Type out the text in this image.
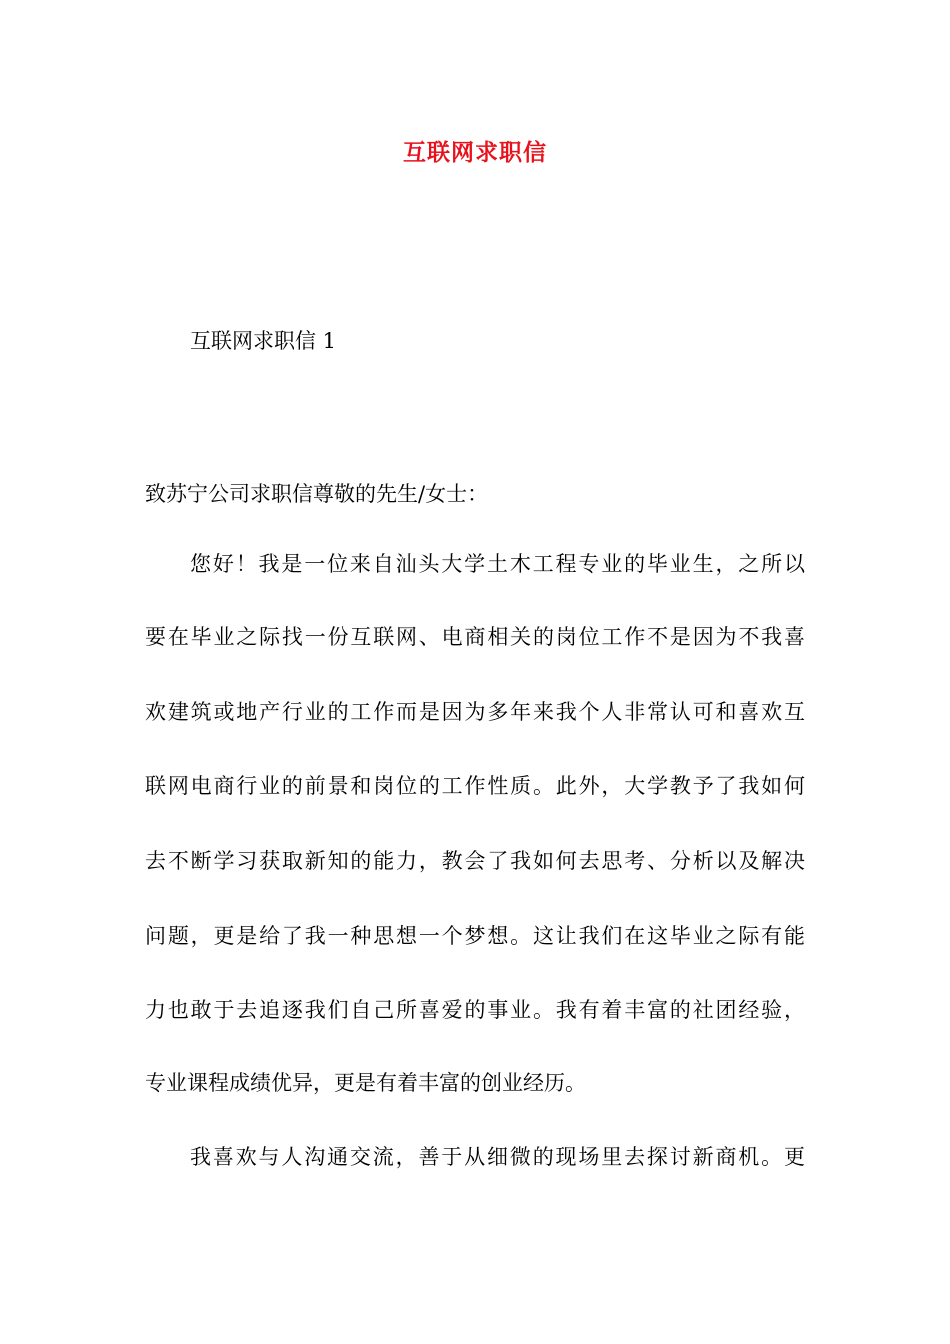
互联网求职信
互联网求职信 1
致苏宁公司求职信尊敬的先生/女士：
您好！我是一位来自汕头大学土木工程专业的毕业生，之所以
要在毕业之际找一份互联网、电商相关的岗位工作不是因为不我喜
欢建筑或地产行业的工作而是因为多年来我个人非常认可和喜欢互
联网电商行业的前景和岗位的工作性质。此外，大学教予了我如何
去不断学习获取新知的能力，教会了我如何去思考、分析以及解决
问题，更是给了我一种思想一个梦想。这让我们在这毕业之际有能
力也敢于去追逐我们自己所喜爱的事业。我有着丰富的社团经验，
专业课程成绩优异，更是有着丰富的创业经历。
我喜欢与人沟通交流，善于从细微的现场里去探讨新商机。更
